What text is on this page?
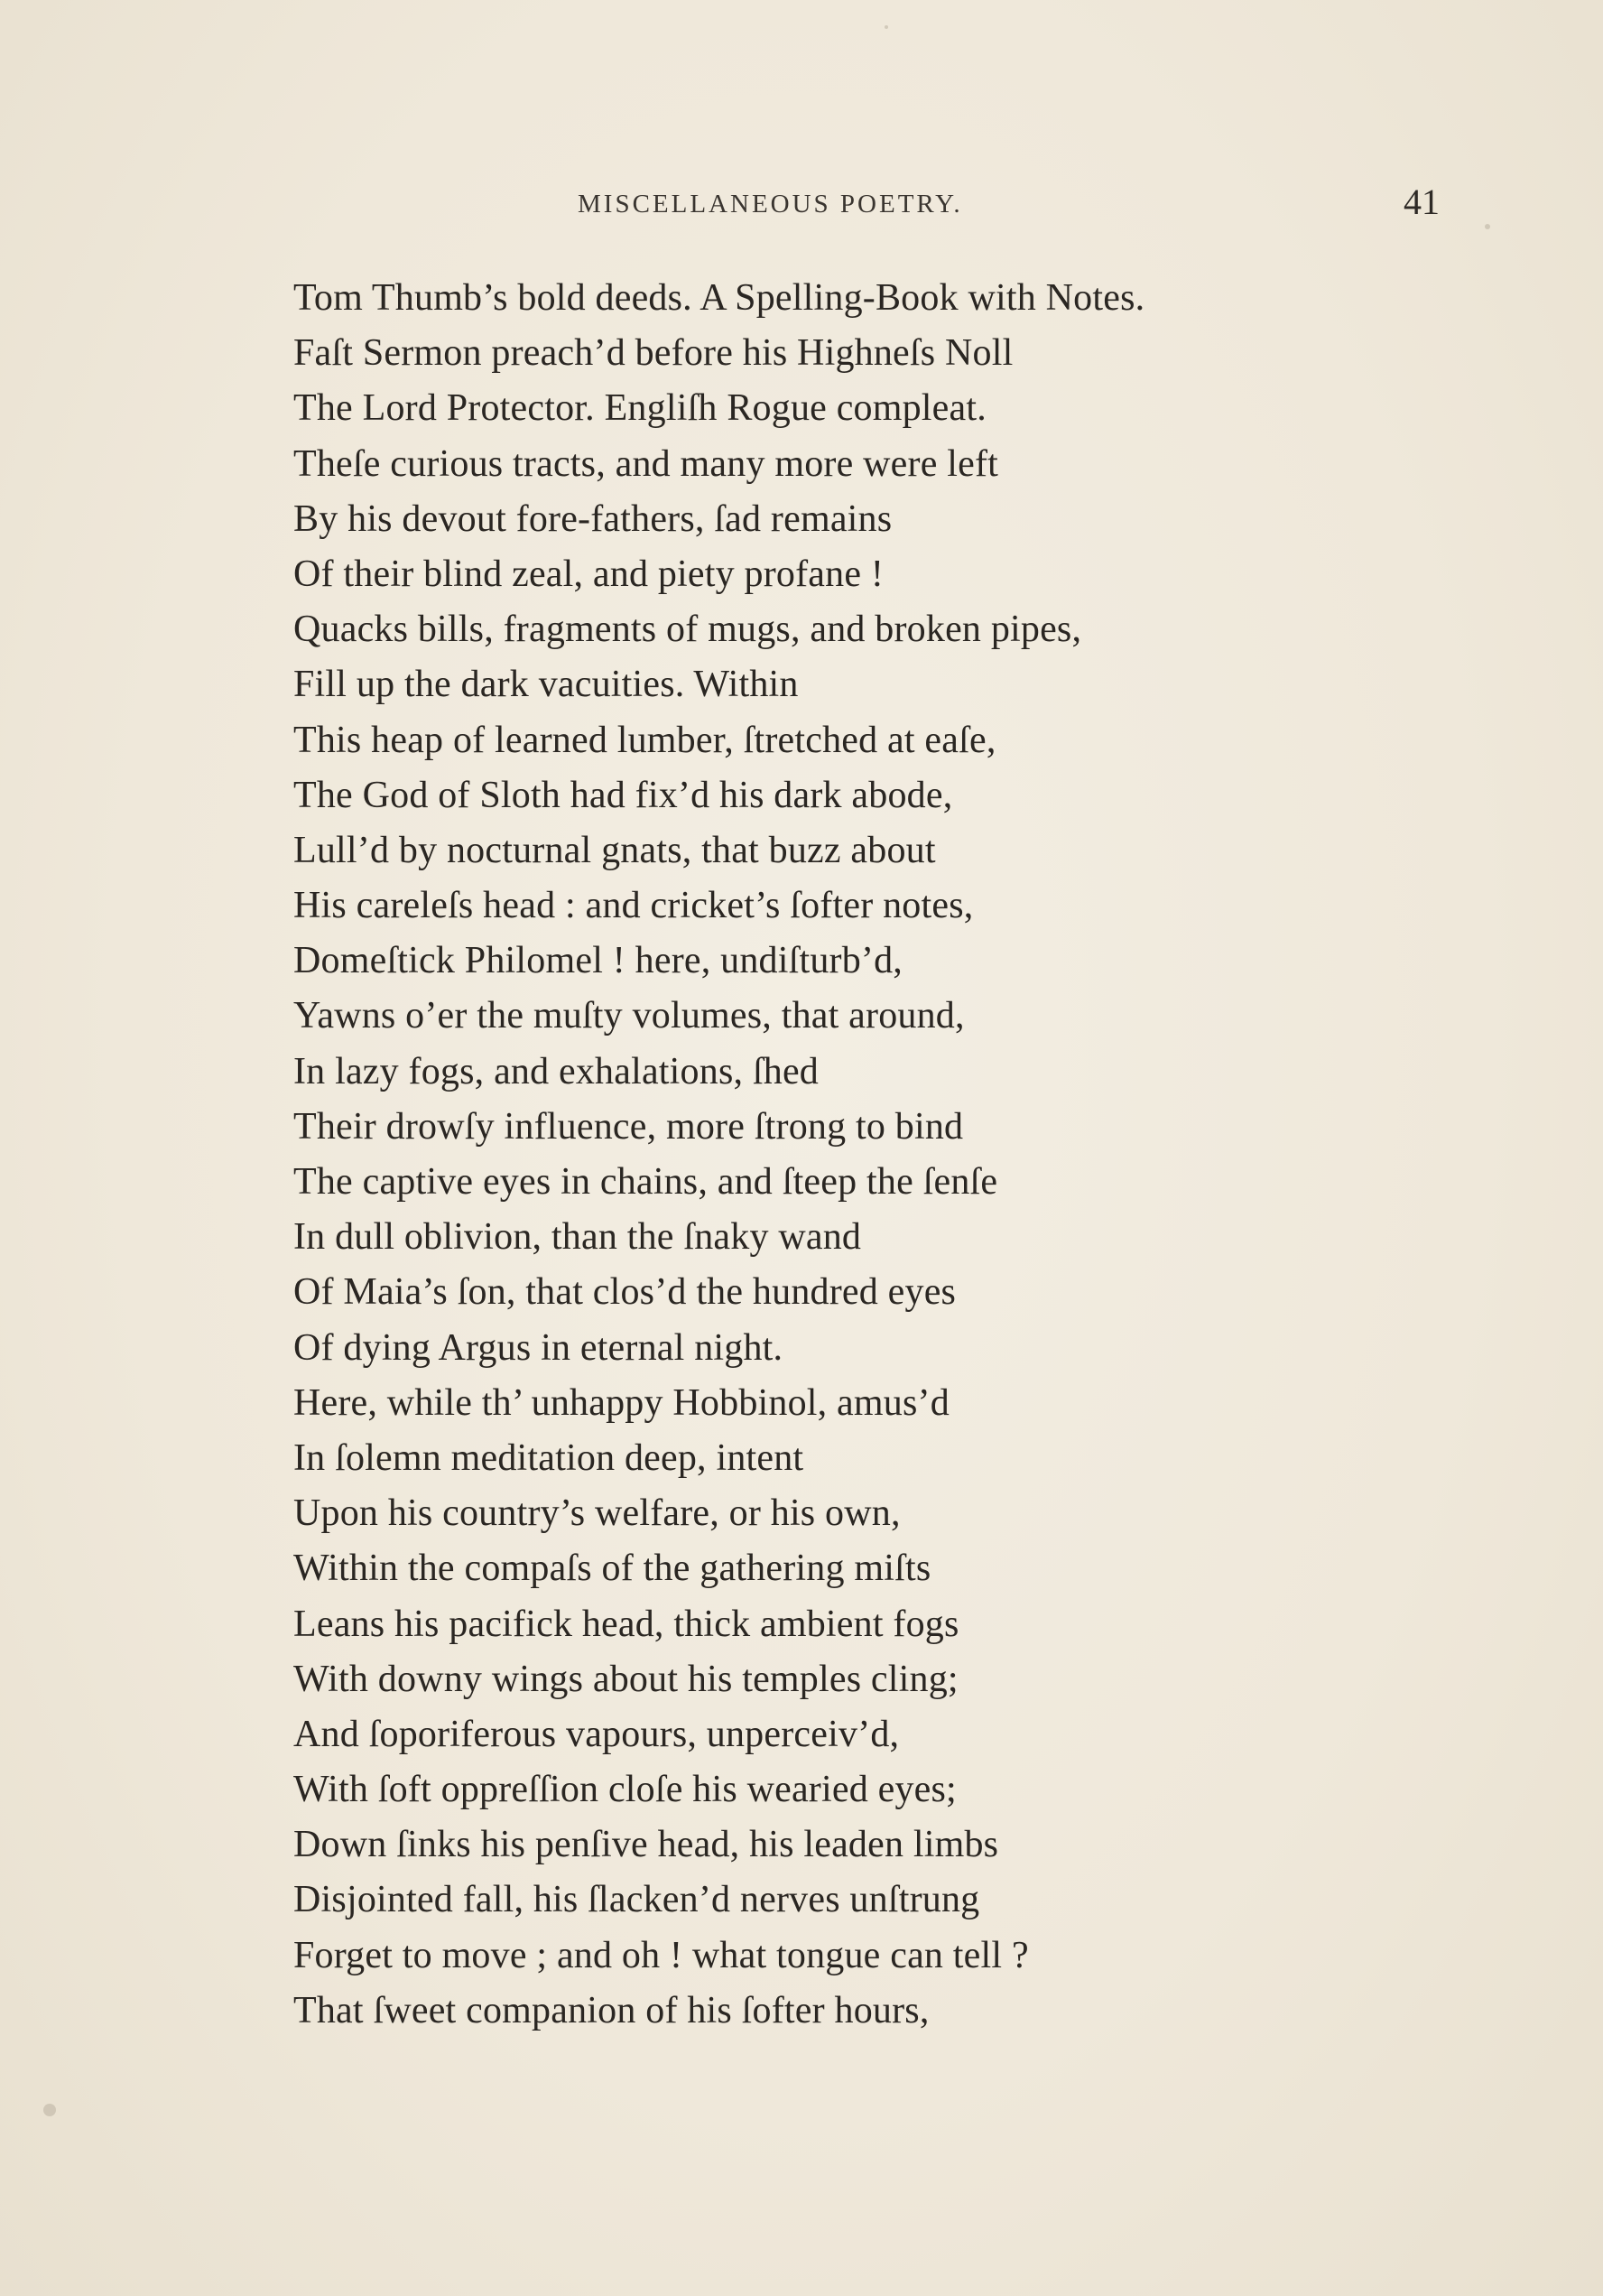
MISCELLANEOUS POETRY.	41
Tom Thumb’s bold deeds. A Spelling-Book with Notes.
Faſt Sermon preach’d before his Highneſs Noll
The Lord Protector. Engliſh Rogue compleat.
Theſe curious tracts, and many more were left
By his devout fore-fathers, ſad remains
Of their blind zeal, and piety profane !
Quacks bills, fragments of mugs, and broken pipes,
Fill up the dark vacuities. Within
This heap of learned lumber, ſtretched at eaſe,
The God of Sloth had fix’d his dark abode,
Lull’d by nocturnal gnats, that buzz about
His careleſs head : and cricket’s ſofter notes,
Domeſtick Philomel ! here, undiſturb’d,
Yawns o’er the muſty volumes, that around,
In lazy fogs, and exhalations, ſhed
Their drowſy influence, more ſtrong to bind
The captive eyes in chains, and ſteep the ſenſe
In dull oblivion, than the ſnaky wand
Of Maia’s ſon, that clos’d the hundred eyes
Of dying Argus in eternal night.
Here, while th’ unhappy Hobbinol, amus’d
In ſolemn meditation deep, intent
Upon his country’s welfare, or his own,
Within the compaſs of the gathering miſts
Leans his pacifick head, thick ambient fogs
With downy wings about his temples cling;
And ſoporiferous vapours, unperceiv’d,
With ſoft oppreſſion cloſe his wearied eyes;
Down ſinks his penſive head, his leaden limbs
Disjointed fall, his ſlacken’d nerves unſtrung
Forget to move ; and oh ! what tongue can tell ?
That ſweet companion of his ſofter hours,
